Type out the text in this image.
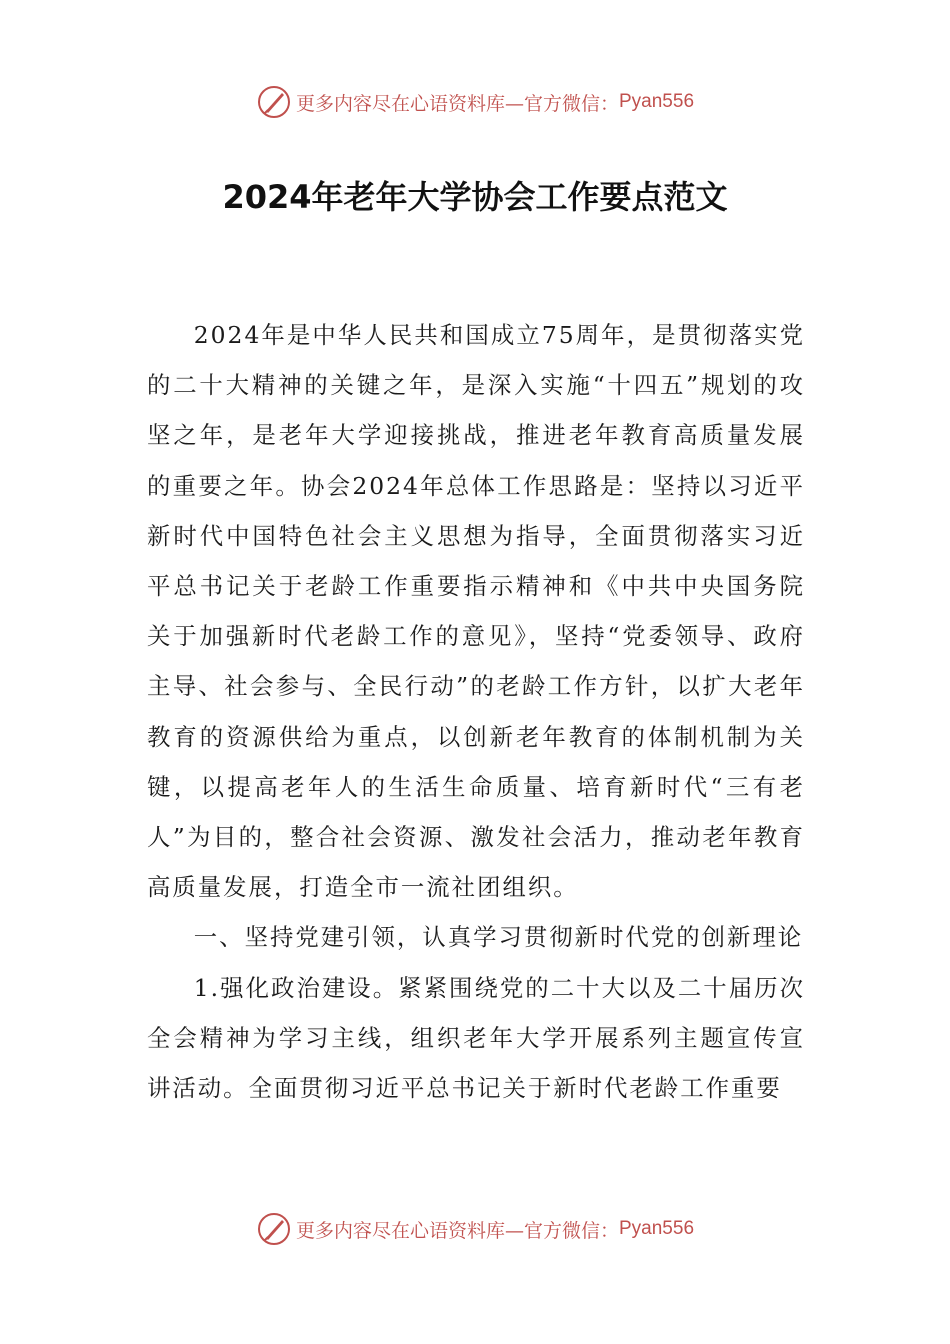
更多内容尽在心语资料库—官方微信： Pyan556
2024年老年大学协会工作要点范文

2024年是中华人民共和国成立75周年，是贯彻落实党的二十大精神的关键之年，是深入实施“十四五”规划的攻坚之年，是老年大学迎接挑战，推进老年教育高质量发展的重要之年。协会2024年总体工作思路是：坚持以习近平新时代中国特色社会主义思想为指导，全面贯彻落实习近平总书记关于老龄工作重要指示精神和《中共中央国务院关于加强新时代老龄工作的意见》，坚持“党委领导、政府主导、社会参与、全民行动”的老龄工作方针，以扩大老年教育的资源供给为重点，以创新老年教育的体制机制为关键，以提高老年人的生活生命质量、培育新时代“三有老人”为目的，整合社会资源、激发社会活力，推动老年教育高质量发展，打造全市一流社团组织。

一、坚持党建引领，认真学习贯彻新时代党的创新理论

1.强化政治建设。紧紧围绕党的二十大以及二十届历次全会精神为学习主线，组织老年大学开展系列主题宣传宣讲活动。全面贯彻习近平总书记关于新时代老龄工作重要

更多内容尽在心语资料库—官方微信： Pyan556
